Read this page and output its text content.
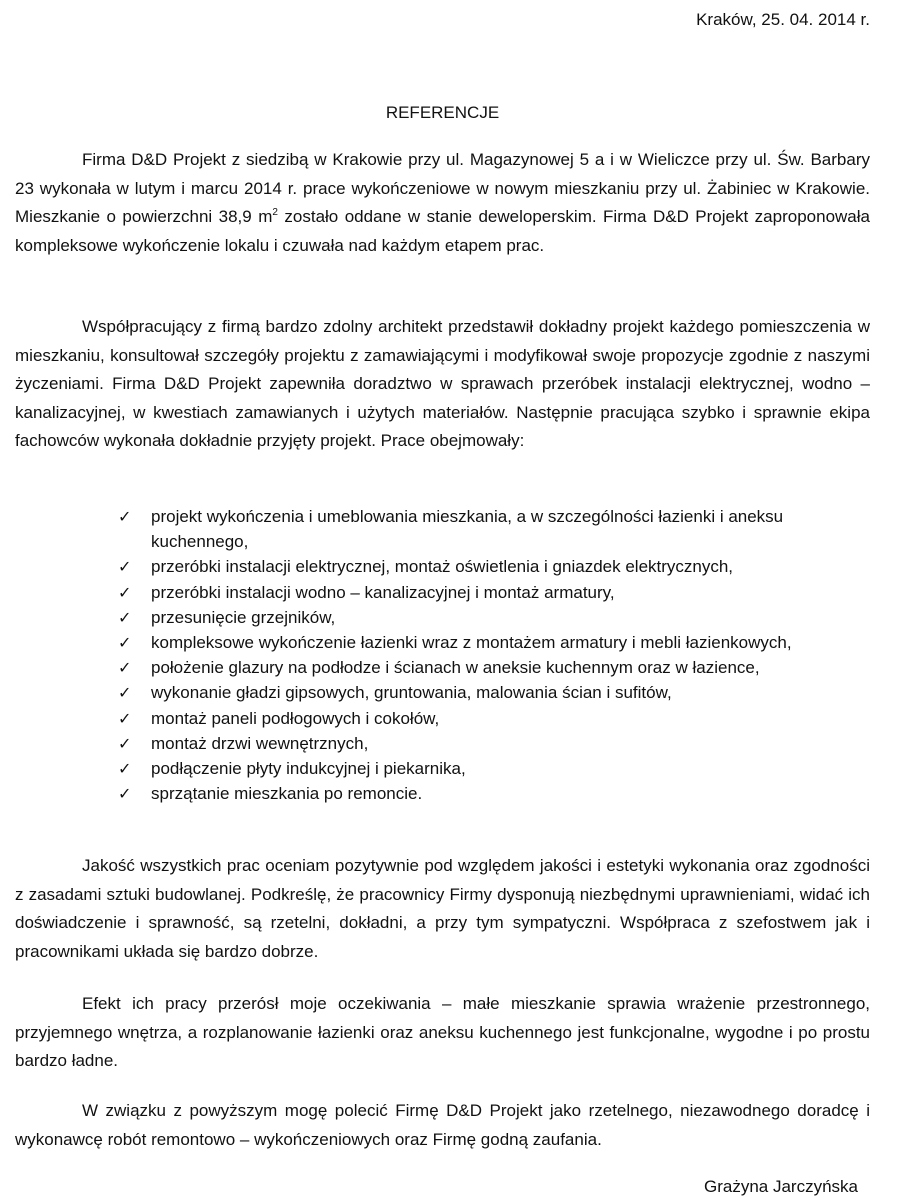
Kraków, 25. 04. 2014 r.
REFERENCJE

Firma D&D Projekt z siedzibą w Krakowie przy ul. Magazynowej 5 a i w Wieliczce przy ul. Św. Barbary 23 wykonała w lutym i marcu 2014 r. prace wykończeniowe w nowym mieszkaniu przy ul. Żabiniec w Krakowie. Mieszkanie o powierzchni 38,9 $m^2$ zostało oddane w stanie deweloperskim. Firma D&D Projekt zaproponowała kompleksowe wykończenie lokalu i czuwała nad każdym etapem prac.

Współpracujący z firmą bardzo zdolny architekt przedstawił dokładny projekt każdego pomieszczenia w mieszkaniu, konsultował szczegóły projektu z zamawiającymi i modyfikował swoje propozycje zgodnie z naszymi życzeniami. Firma D&D Projekt zapewniła doradztwo w sprawach przeróbek instalacji elektrycznej, wodno – kanalizacyjnej, w kwestiach zamawianych i użytych materiałów. Następnie pracująca szybko i sprawnie ekipa fachowców wykonała dokładnie przyjęty projekt. Prace obejmowały:

✓ projekt wykończenia i umeblowania mieszkania, a w szczególności łazienki i aneksu kuchennego,
✓ przeróbki instalacji elektrycznej, montaż oświetlenia i gniazdek elektrycznych,
✓ przeróbki instalacji wodno – kanalizacyjnej i montaż armatury,
✓ przesunięcie grzejników,
✓ kompleksowe wykończenie łazienki wraz z montażem armatury i mebli łazienkowych,
✓ położenie glazury na podłodze i ścianach w aneksie kuchennym oraz w łazience,
✓ wykonanie gładzi gipsowych, gruntowania, malowania ścian i sufitów,
✓ montaż paneli podłogowych i cokołów,
✓ montaż drzwi wewnętrznych,
✓ podłączenie płyty indukcyjnej i piekarnika,
✓ sprzątanie mieszkania po remoncie.

Jakość wszystkich prac oceniam pozytywnie pod względem jakości i estetyki wykonania oraz zgodności z zasadami sztuki budowlanej. Podkreślę, że pracownicy Firmy dysponują niezbędnymi uprawnieniami, widać ich doświadczenie i sprawność, są rzetelni, dokładni, a przy tym sympatyczni. Współpraca z szefostwem jak i pracownikami układa się bardzo dobrze.

Efekt ich pracy przerósł moje oczekiwania – małe mieszkanie sprawia wrażenie przestronnego, przyjemnego wnętrza, a rozplanowanie łazienki oraz aneksu kuchennego jest funkcjonalne, wygodne i po prostu bardzo ładne.

W związku z powyższym mogę polecić Firmę D&D Projekt jako rzetelnego, niezawodnego doradcę i wykonawcę robót remontowo – wykończeniowych oraz Firmę godną zaufania.

Grażyna Jarczyńska
